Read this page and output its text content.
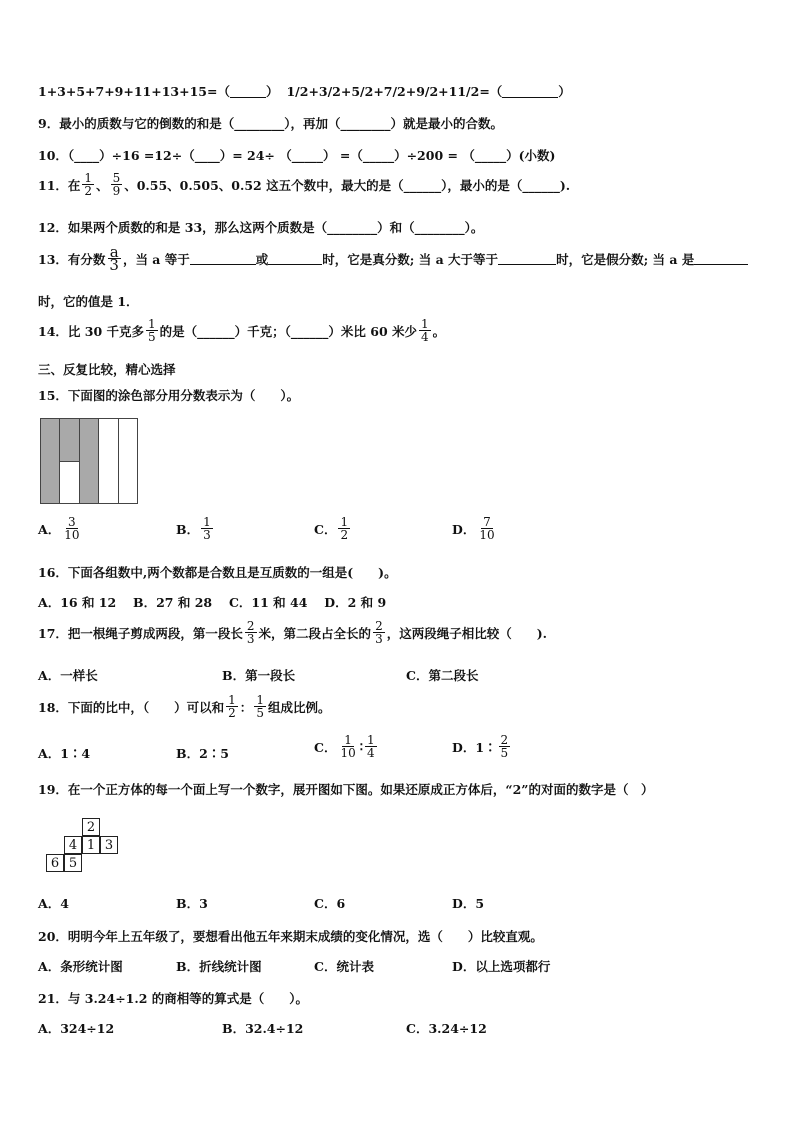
1+3+5+7+9+11+13+15=（	） 1/2+3/2+5/2+7/2+9/2+11/2=（	）
9．最小的质数与它的倒数的和是（________），再加（________）就是最小的合数。
10．（____）÷16 =12÷（____）= 24÷ （_____） =（_____）÷200 = （_____）(小数)
11．在 $\frac{1}{2}$ 、 $\frac{5}{9}$ 、0.55、0.505、0.52 这五个数中，最大的是（______），最小的是（______).
12．如果两个质数的和是 33，那么这两个质数是（________）和（________）。
13．有分数 $\frac{a}{3}$ ，当 a 等于	或	时，它是真分数; 当 a 大于等于	时，它是假分数; 当 a 是
时，它的值是 1．
14．比 30 千克多 $\frac{1}{5}$ 的是（______）千克；（______）米比 60 米少 $\frac{1}{4}$ 。
三、反复比较，精心选择
15．下面图的涂色部分用分数表示为（　　）。
A． $\frac{3}{10}$	B． $\frac{1}{3}$	C． $\frac{1}{2}$	D． $\frac{7}{10}$
16．下面各组数中,两个数都是合数且是互质数的一组是(　　)。
A．16 和 12　 B．27 和 28　 C．11 和 44　 D．2 和 9
17．把一根绳子剪成两段，第一段长 $\frac{2}{3}$ 米，第二段占全长的 $\frac{2}{3}$ ，这两段绳子相比较（　　).
A．一样长	B．第一段长	C．第二段长
18．下面的比中，（　　）可以和 $\frac{1}{2}$ ： $\frac{1}{5}$ 组成比例。
A．1∶4	B．2∶5	C． $\frac{1}{10}$ ∶ $\frac{1}{4}$	D．1∶ $\frac{2}{5}$
19．在一个正方体的每一个面上写一个数字，展开图如下图。如果还原成正方体后，“2”的对面的数字是（　）
2
4 1 3
6 5
A．4	B．3	C．6	D．5
20．明明今年上五年级了，要想看出他五年来期末成绩的变化情况，选（　　）比较直观。
A．条形统计图	B．折线统计图	C．统计表	D．以上选项都行
21．与 3.24÷1.2 的商相等的算式是（　　）。
A．324÷12	B．32.4÷12	C．3.24÷12
